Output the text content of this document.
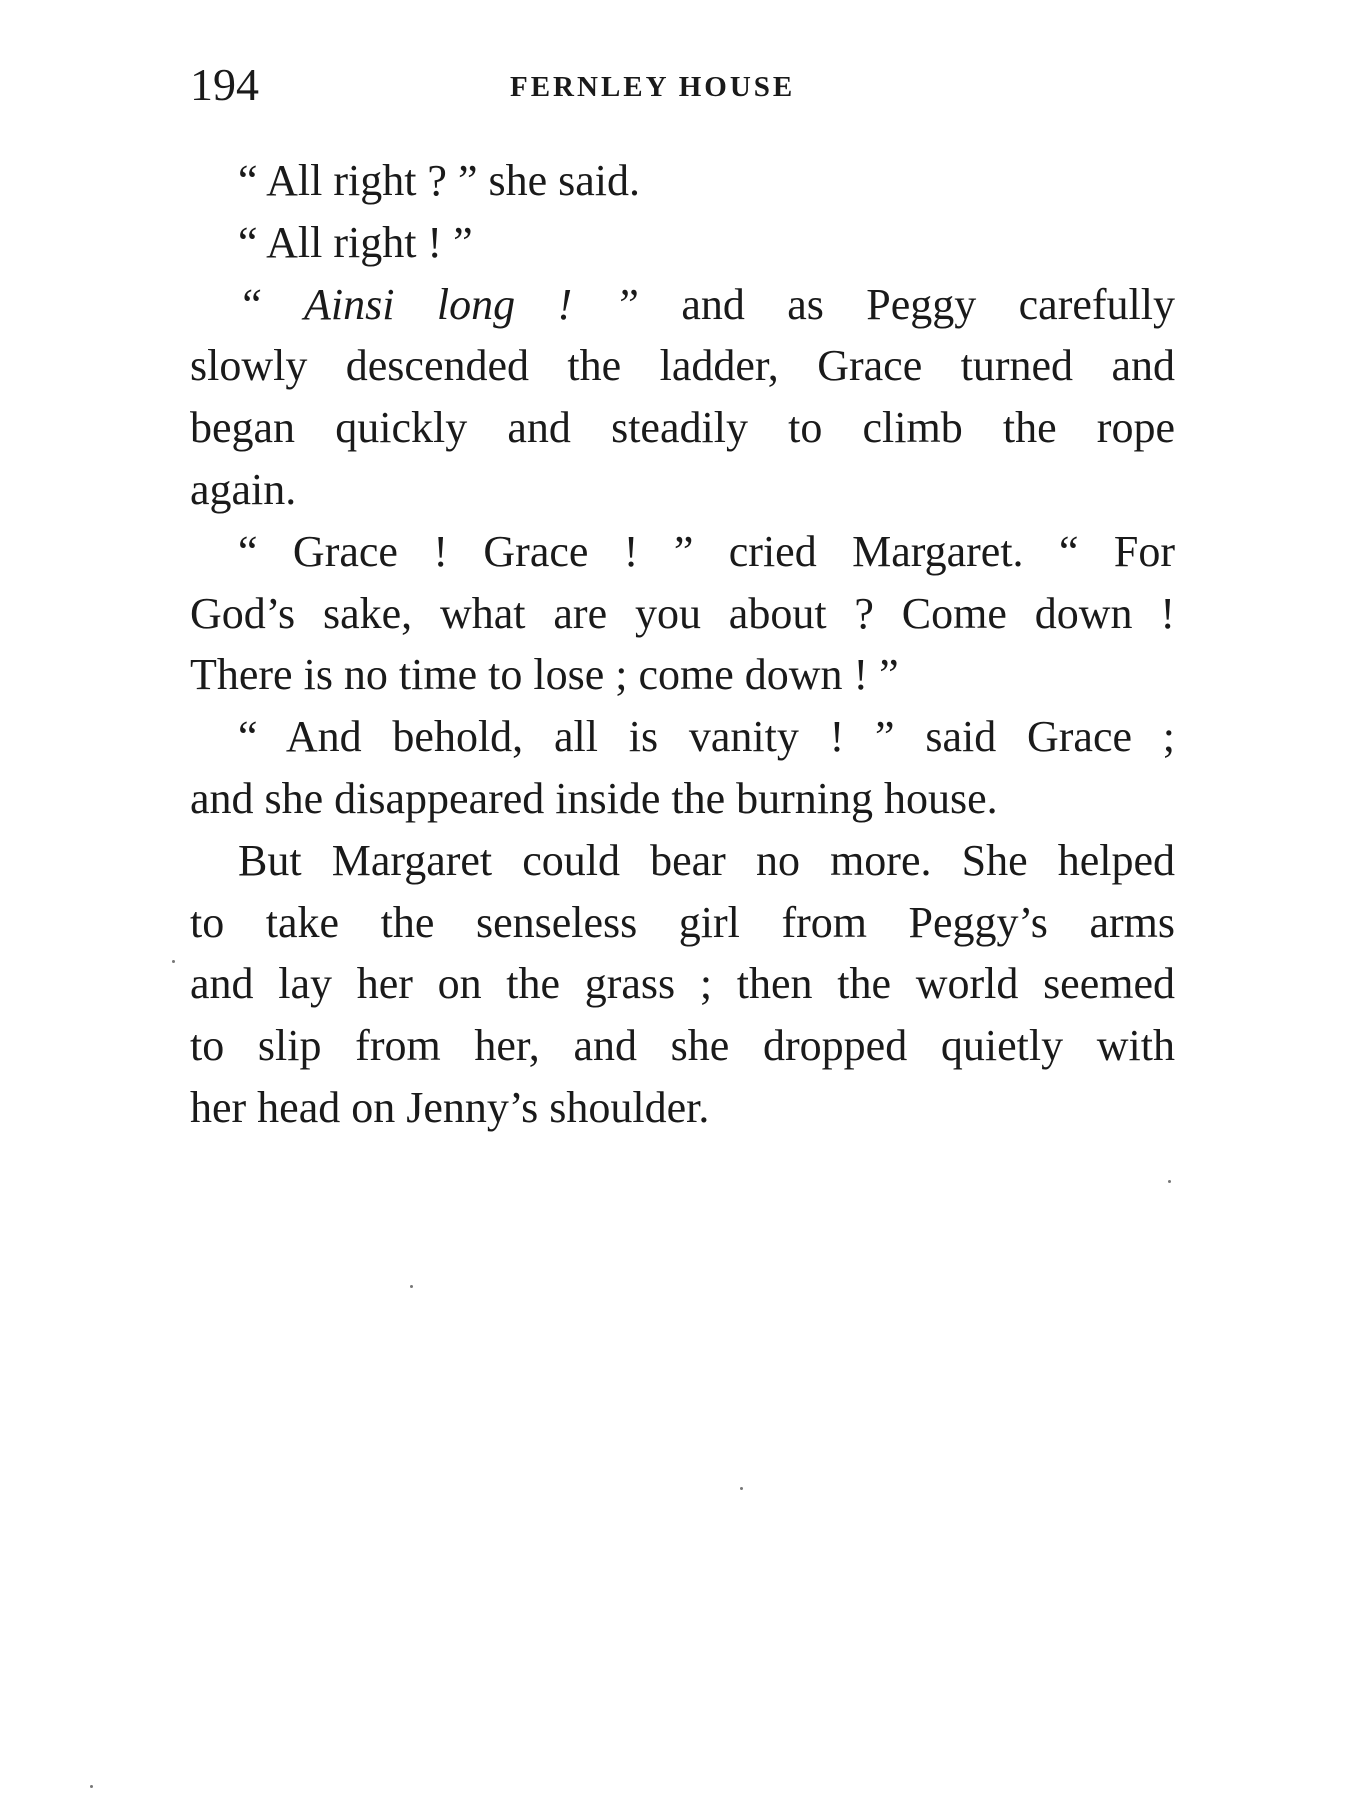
194	FERNLEY HOUSE
“ All right ? ” she said.
“ All right ! ”
“ Ainsi long ! ” and as Peggy carefully
slowly descended the ladder, Grace turned and
began quickly and steadily to climb the rope
again.
“ Grace ! Grace ! ” cried Margaret. “ For
God’s sake, what are you about ? Come down !
There is no time to lose ; come down ! ”
“ And behold, all is vanity ! ” said Grace ;
and she disappeared inside the burning house.
But Margaret could bear no more. She helped
to take the senseless girl from Peggy’s arms
and lay her on the grass ; then the world seemed
to slip from her, and she dropped quietly with
her head on Jenny’s shoulder.
